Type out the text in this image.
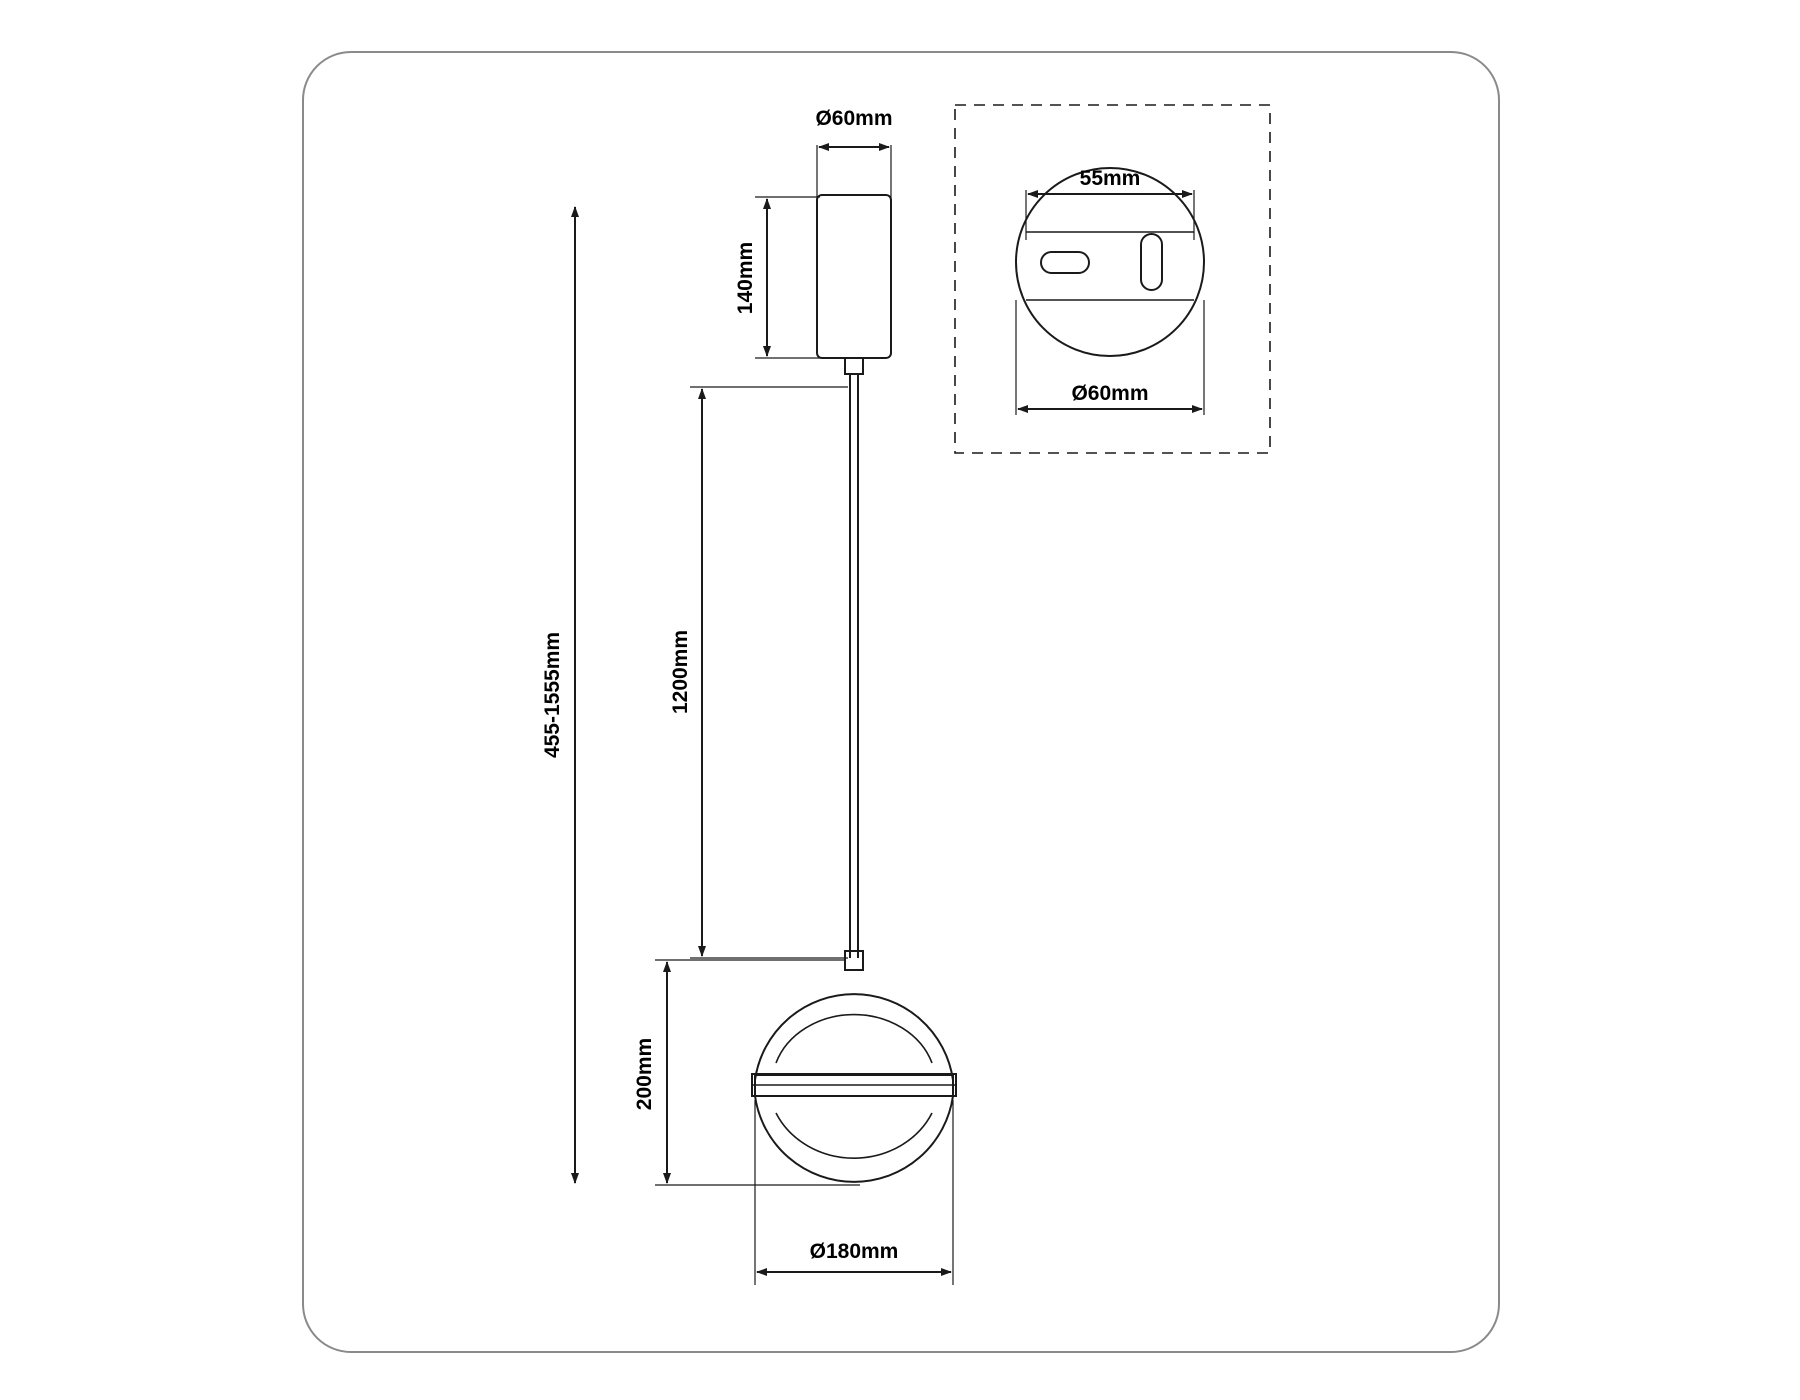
Ø60mm
140mm
1200mm
200mm
455-1555mm
Ø180mm
55mm
Ø60mm
